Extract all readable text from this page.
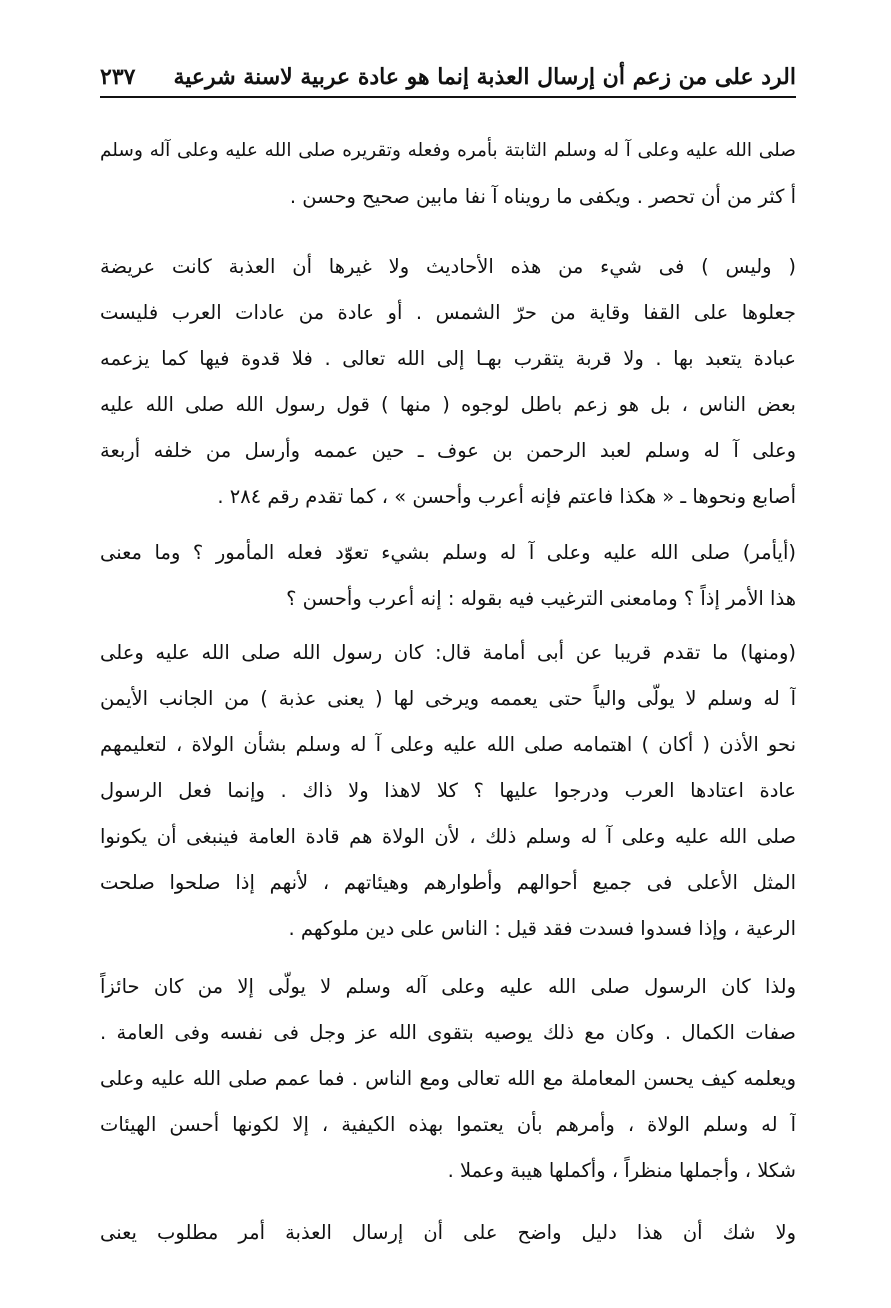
الرد على من زعم أن إرسال العذبة إنما هو عادة عربية لاسنة شرعية
٢٣٧
صلى الله عليه وعلى آ له وسلم الثابتة بأمره وفعله وتقريره صلى الله عليه وعلى آله وسلم
أ كثر من أن تحصر . ويكفى ما رويناه آ نفا مابين صحيح وحسن .
( وليس ) فى شيء من هذه الأحاديث ولا غيرها أن العذبة كانت عريضة
جعلوها على القفا وقاية من حرّ الشمس . أو عادة من عادات العرب فليست
عبادة يتعبد بها . ولا قربة يتقرب بهـا إلى الله تعالى . فلا قدوة فيها كما يزعمه
بعض الناس ، بل هو زعم باطل لوجوه ( منها ) قول رسول الله صلى الله عليه
وعلى آ له وسلم لعبد الرحمن بن عوف ـ حين عممه وأرسل من خلفه أربعة
أصابع ونحوها ـ « هكذا فاعتم فإنه أعرب وأحسن » ، كما تقدم رقم ٢٨٤ .
(أيأمر) صلى الله عليه وعلى آ له وسلم بشيء تعوّد فعله المأمور ؟ وما معنى
هذا الأمر إذاً ؟ ومامعنى الترغيب فيه بقوله : إنه أعرب وأحسن ؟
(ومنها) ما تقدم قريبا عن أبى أمامة قال: كان رسول الله صلى الله عليه وعلى
آ له وسلم لا يولّى والياً حتى يعممه ويرخى لها ( يعنى عذبة ) من الجانب الأيمن
نحو الأذن ( أكان ) اهتمامه صلى الله عليه وعلى آ له وسلم بشأن الولاة ، لتعليمهم
عادة اعتادها العرب ودرجوا عليها ؟ كلا لاهذا ولا ذاك . وإنما فعل الرسول
صلى الله عليه وعلى آ له وسلم ذلك ، لأن الولاة هم قادة العامة فينبغى أن يكونوا
المثل الأعلى فى جميع أحوالهم وأطوارهم وهيئاتهم ، لأنهم إذا صلحوا صلحت
الرعية ، وإذا فسدوا فسدت فقد قيل : الناس على دين ملوكهم .
ولذا كان الرسول صلى الله عليه وعلى آله وسلم لا يولّى إلا من كان حائزاً
صفات الكمال . وكان مع ذلك يوصيه بتقوى الله عز وجل فى نفسه وفى العامة .
ويعلمه كيف يحسن المعاملة مع الله تعالى ومع الناس . فما عمم صلى الله عليه وعلى
آ له وسلم الولاة ، وأمرهم بأن يعتموا بهذه الكيفية ، إلا لكونها أحسن الهيئات
شكلا ، وأجملها منظراً ، وأكملها هيبة وعملا .
ولا شك أن هذا دليل واضح على أن إرسال العذبة أمر مطلوب يعنى
